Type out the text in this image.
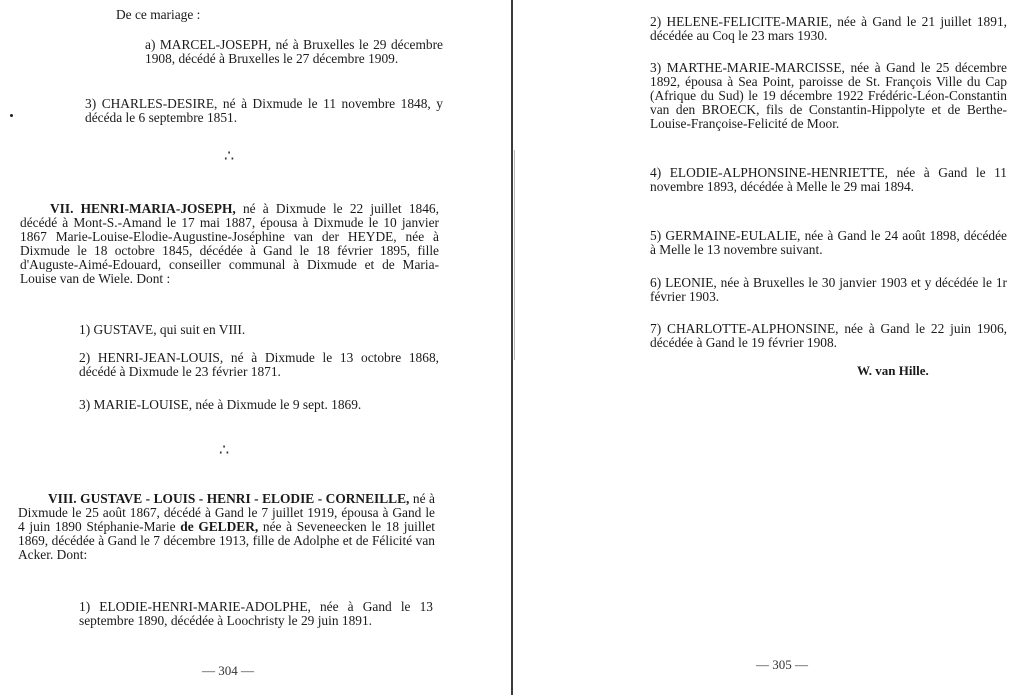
De ce mariage :

a) MARCEL-JOSEPH, né à Bruxelles le 29 décembre 1908, décédé à Bruxelles le 27 décembre 1909.

3) CHARLES-DESIRE, né à Dixmude le 11 novembre 1848, y décéda le 6 septembre 1851.

∴

VII. HENRI-MARIA-JOSEPH, né à Dixmude le 22 juillet 1846, décédé à Mont-S.-Amand le 17 mai 1887, épousa à Dixmude le 10 janvier 1867 Marie-Louise-Elodie-Augustine-Joséphine van der HEYDE, née à Dixmude le 18 octobre 1845, décédée à Gand le 18 février 1895, fille d'Auguste-Aimé-Edouard, conseiller communal à Dixmude et de Maria-Louise van de Wiele. Dont :

1) GUSTAVE, qui suit en VIII.

2) HENRI-JEAN-LOUIS, né à Dixmude le 13 octobre 1868, décédé à Dixmude le 23 février 1871.

3) MARIE-LOUISE, née à Dixmude le 9 sept. 1869.

∴

VIII. GUSTAVE - LOUIS - HENRI - ELODIE - CORNEILLE, né à Dixmude le 25 août 1867, décédé à Gand le 7 juillet 1919, épousa à Gand le 4 juin 1890 Stéphanie-Marie de GELDER, née à Seveneecken le 18 juillet 1869, décédée à Gand le 7 décembre 1913, fille de Adolphe et de Félicité van Acker. Dont:

1) ELODIE-HENRI-MARIE-ADOLPHE, née à Gand le 13 septembre 1890, décédée à Loochristy le 29 juin 1891.

— 304 —

2) HELENE-FELICITE-MARIE, née à Gand le 21 juillet 1891, décédée au Coq le 23 mars 1930.

3) MARTHE-MARIE-MARCISSE, née à Gand le 25 décembre 1892, épousa à Sea Point, paroisse de St. François Ville du Cap (Afrique du Sud) le 19 décembre 1922 Frédéric-Léon-Constantin van den BROECK, fils de Constantin-Hippolyte et de Berthe-Louise-Françoise-Felicité de Moor.

4) ELODIE-ALPHONSINE-HENRIETTE, née à Gand le 11 novembre 1893, décédée à Melle le 29 mai 1894.

5) GERMAINE-EULALIE, née à Gand le 24 août 1898, décédée à Melle le 13 novembre suivant.

6) LEONIE, née à Bruxelles le 30 janvier 1903 et y décédée le 1r février 1903.

7) CHARLOTTE-ALPHONSINE, née à Gand le 22 juin 1906, décédée à Gand le 19 février 1908.

W. van Hille.
— 305 —
